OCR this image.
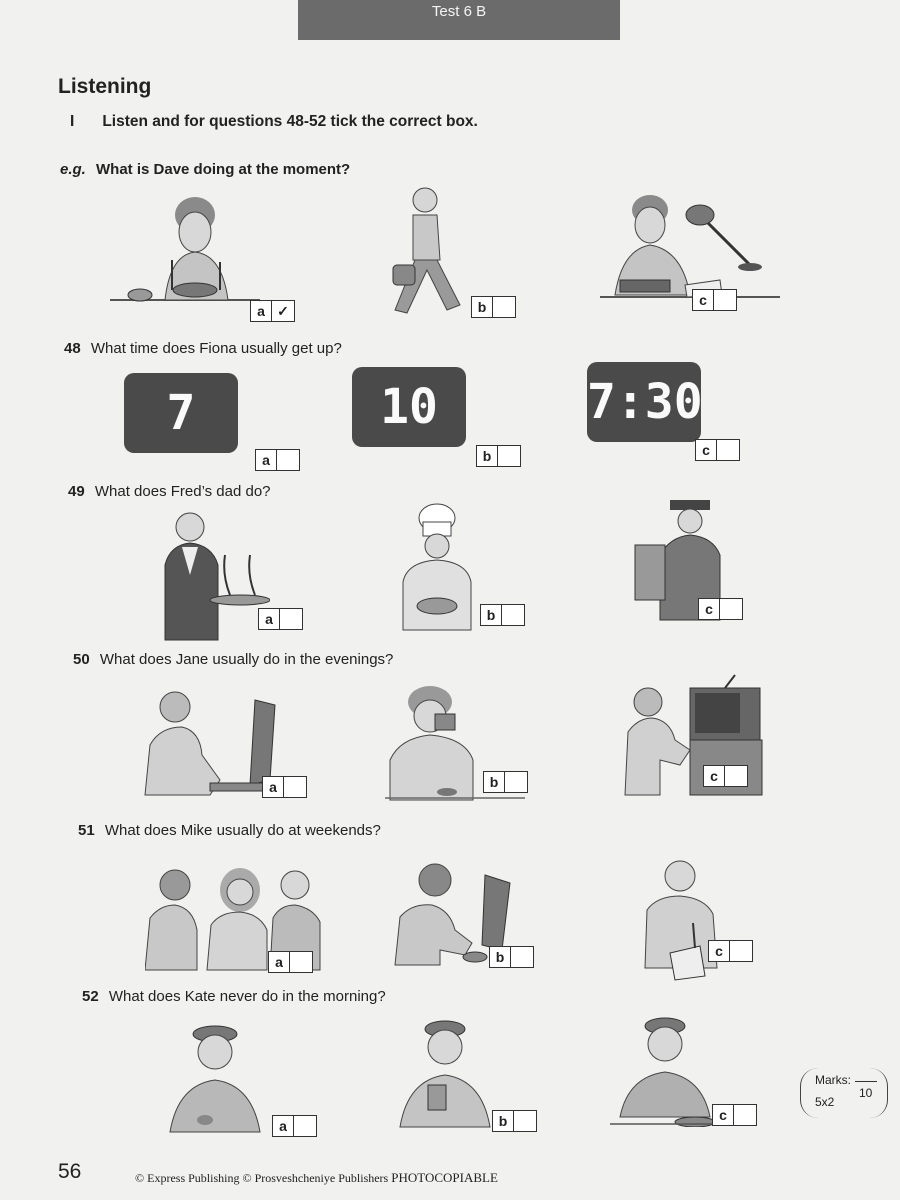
Test 6 B
Listening
I Listen and for questions 48-52 tick the correct box.
e.g. What is Dave doing at the moment?
a ✓	b	c
48 What time does Fiona usually get up?
7	10	7:30
a	b	c
49 What does Fred’s dad do?
a	b	c
50 What does Jane usually do in the evenings?
a	b	c
51 What does Mike usually do at weekends?
a	b	c
52 What does Kate never do in the morning?
a	b	c
Marks:
5x2
10
56	© Express Publishing © Prosveshcheniye Publishers PHOTOCOPIABLE
